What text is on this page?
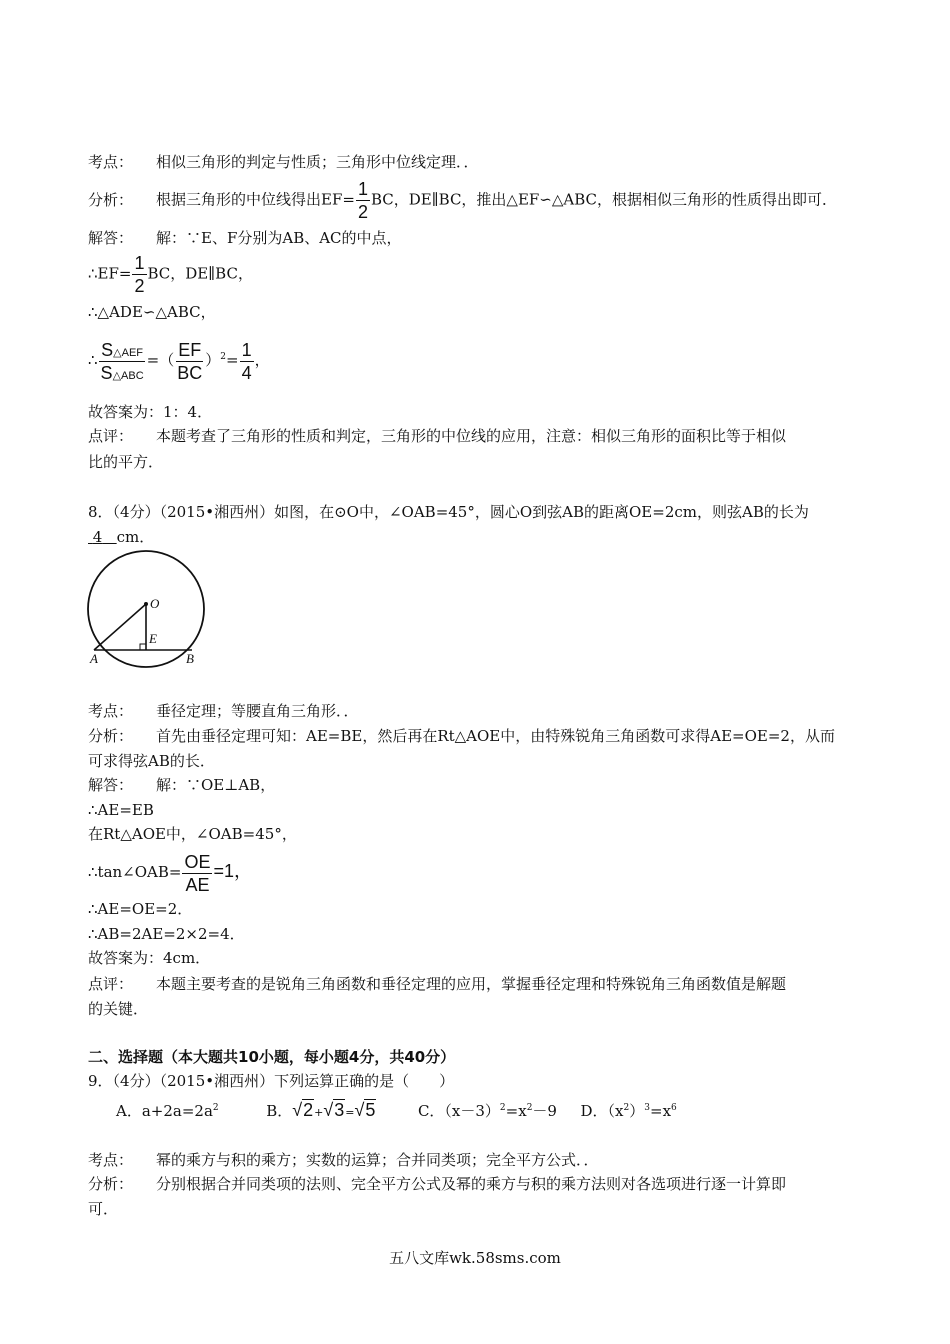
考点： 相似三角形的判定与性质；三角形中位线定理．．
分析： 根据三角形的中位线得出$EF= \frac{1}{2}$ BC，DE∥BC，推出△EF∽△ABC，根据相似三角形的性质得出即可．
解答： 解：∵E、F分别为AB、AC的中点，
∴EF= $\frac{1}{2}$ BC，DE∥BC，
∴△ADE∽△ABC，
∴ $\frac{\text{S△AEF}}{\text{S△ABC}}$ =（ $\frac{EF}{BC} )^2= \frac{1}{4}$ ，
故答案为：1：4．
点评： 本题考查了三角形的性质和判定，三角形的中位线的应用，注意：相似三角形的面积比等于相似
比的平方．
8．（4分）（2015•湘西州）如图，在⊙O中，∠OAB=45°，圆心O到弦AB的距离OE=2cm，则弦AB的长为
4 cm．
O
E
A	B
考点： 垂径定理；等腰直角三角形．．
分析： 首先由垂径定理可知：AE=BE，然后再在Rt△AOE中，由特殊锐角三角函数可求得AE=OE=2，从而
可求得弦AB的长．
解答： 解：∵OE⊥AB，
∴AE=EB
在Rt△AOE中，∠OAB=45°，
∴tan∠OAB= $\frac{OE}{AE} =1$，
∴AE=OE=2．
∴AB=2AE=2×2=4．
故答案为：4cm．
点评： 本题主要考查的是锐角三角函数和垂径定理的应用，掌握垂径定理和特殊锐角三角函数值是解题
的关键．
二、选择题（本大题共10小题，每小题4分，共40分）
9．（4分）（2015•湘西州）下列运算正确的是（　　）
A．$a+2a=2a^2$	B．√2+√3=√5	C．$(x-3)^2=x^2-9$ D．$(x^2)^3=x^6$
考点： 幂的乘方与积的乘方；实数的运算；合并同类项；完全平方公式．．
分析： 分别根据合并同类项的法则、完全平方公式及幂的乘方与积的乘方法则对各选项进行逐一计算即
可．
五八文库wk.58sms.com
